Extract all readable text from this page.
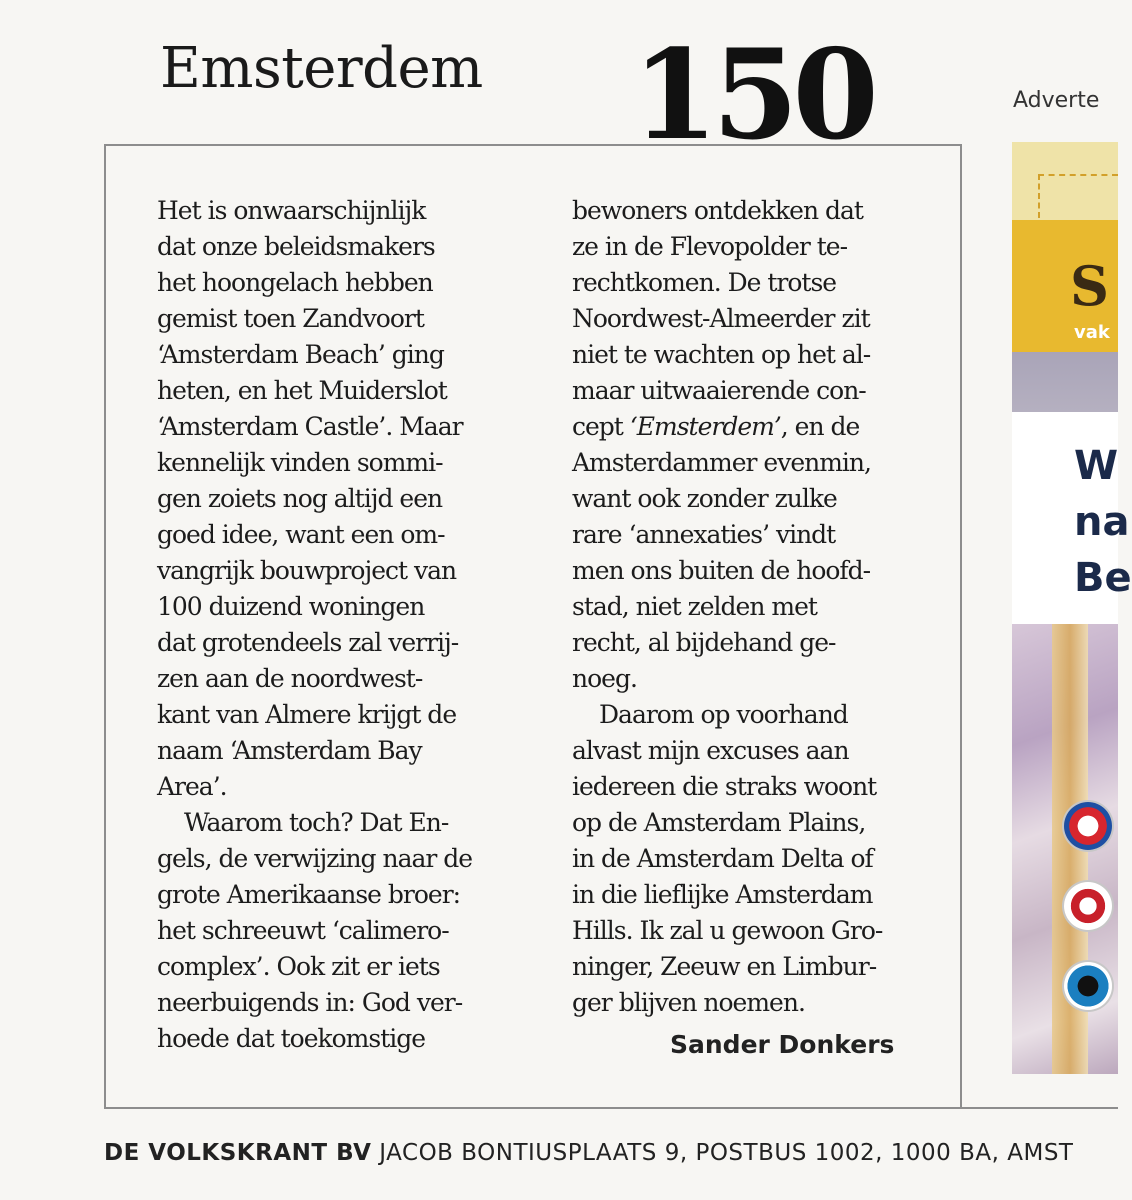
Emsterdem 150	Adverte
Het is onwaarschijnlijk
dat onze beleidsmakers
het hoongelach hebben
gemist toen Zandvoort
‘Amsterdam Beach’ ging
heten, en het Muiderslot
‘Amsterdam Castle’. Maar
kennelijk vinden sommi-
gen zoiets nog altijd een
goed idee, want een om-
vangrijk bouwproject van
100 duizend woningen
dat grotendeels zal verrij-
zen aan de noordwest-
kant van Almere krijgt de
naam ‘Amsterdam Bay
Area’.
Waarom toch? Dat En-
gels, de verwijzing naar de
grote Amerikaanse broer:
het schreeuwt ‘calimero-
complex’. Ook zit er iets
neerbuigends in: God ver-
hoede dat toekomstige
bewoners ontdekken dat
ze in de Flevopolder te-
rechtkomen. De trotse
Noordwest-Almeerder zit
niet te wachten op het al-
maar uitwaaierende con-
cept ‘Emsterdem’, en de
Amsterdammer evenmin,
want ook zonder zulke
rare ‘annexaties’ vindt
men ons buiten de hoofd-
stad, niet zelden met
recht, al bijdehand ge-
noeg.
Daarom op voorhand
alvast mijn excuses aan
iedereen die straks woont
op de Amsterdam Plains,
in de Amsterdam Delta of
in die lieflijke Amsterdam
Hills. Ik zal u gewoon Gro-
ninger, Zeeuw en Limbur-
ger blijven noemen.
Sander Donkers
DE VOLKSKRANT BV JACOB BONTIUSPLAATS 9, POSTBUS 1002, 1000 BA, AMST
S
vak
W
na
Be
